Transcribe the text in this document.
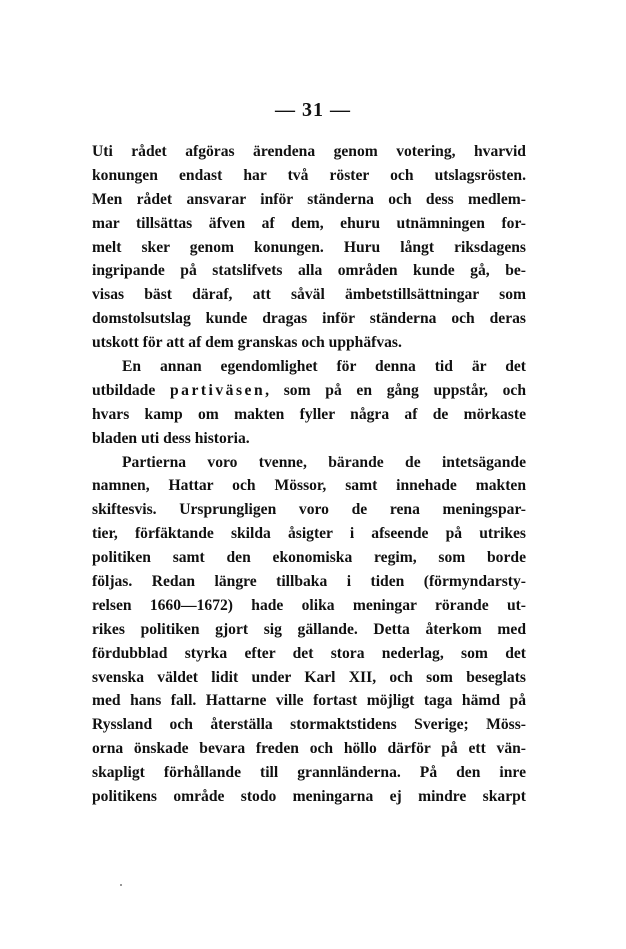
— 31 —
Uti rådet afgöras ärendena genom votering, hvarvid
konungen endast har två röster och utslagsrösten.
Men rådet ansvarar inför ständerna och dess medlem-
mar tillsättas äfven af dem, ehuru utnämningen for-
melt sker genom konungen. Huru långt riksdagens
ingripande på statslifvets alla områden kunde gå, be-
visas bäst däraf, att såväl ämbetstillsättningar som
domstolsutslag kunde dragas inför ständerna och deras
utskott för att af dem granskas och upphäfvas.
En annan egendomlighet för denna tid är det
utbildade partiväsen, som på en gång uppstår, och
hvars kamp om makten fyller några af de mörkaste
bladen uti dess historia.
Partierna voro tvenne, bärande de intetsägande
namnen, Hattar och Mössor, samt innehade makten
skiftesvis. Ursprungligen voro de rena meningspar-
tier, förfäktande skilda åsigter i afseende på utrikes
politiken samt den ekonomiska regim, som borde
följas. Redan längre tillbaka i tiden (förmyndarsty-
relsen 1660—1672) hade olika meningar rörande ut-
rikes politiken gjort sig gällande. Detta återkom med
fördubblad styrka efter det stora nederlag, som det
svenska väldet lidit under Karl XII, och som beseglats
med hans fall. Hattarne ville fortast möjligt taga hämd på
Ryssland och återställa stormaktstidens Sverige; Möss-
orna önskade bevara freden och höllo därför på ett vän-
skapligt förhållande till grannländerna. På den inre
politikens område stodo meningarna ej mindre skarpt
